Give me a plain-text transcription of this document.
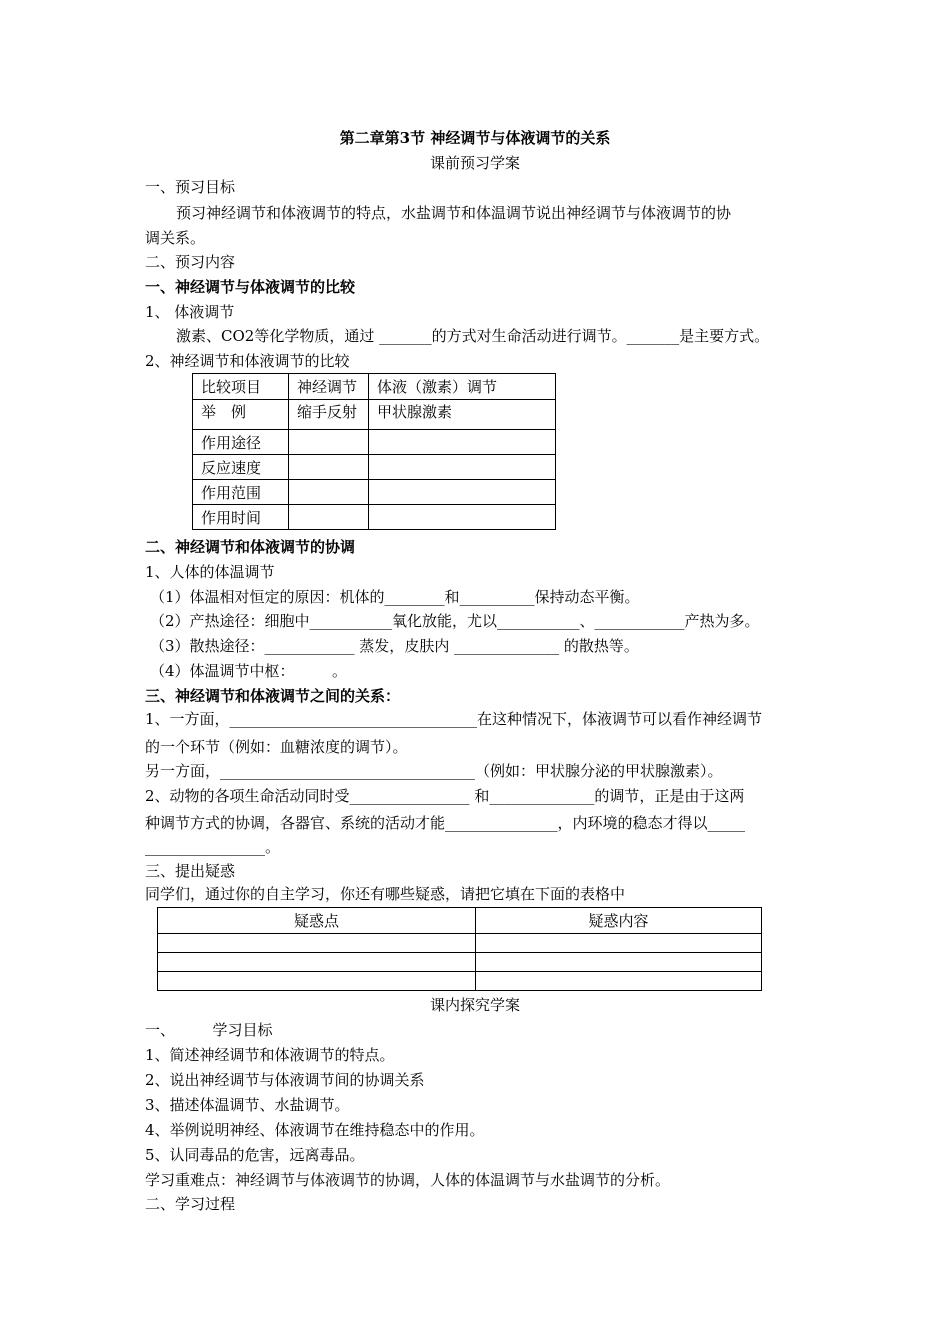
第二章第3节 神经调节与体液调节的关系
课前预习学案
一、预习目标
预习神经调节和体液调节的特点，水盐调节和体温调节说出神经调节与体液调节的协
调关系。
二、预习内容
一、神经调节与体液调节的比较
1、 体液调节
激素、CO2等化学物质，通过 _______的方式对生命活动进行调节。_______是主要方式。
2、神经调节和体液调节的比较
比较项目	神经调节	体液（激素）调节
举　例	缩手反射	甲状腺激素
作用途径		
反应速度		
作用范围		
作用时间		
二、神经调节和体液调节的协调
1、人体的体温调节
（1）体温相对恒定的原因：机体的________和__________保持动态平衡。
（2）产热途径：细胞中___________氧化放能，尤以___________、____________产热为多。
（3）散热途径：____________ 蒸发，皮肤内 ______________ 的散热等。
（4）体温调节中枢：　　　。
三、神经调节和体液调节之间的关系：
1、一方面，_________________________________在这种情况下，体液调节可以看作神经调节
的一个环节（例如：血糖浓度的调节）。
另一方面，__________________________________（例如：甲状腺分泌的甲状腺激素）。
2、动物的各项生命活动同时受________________ 和______________的调节，正是由于这两
种调节方式的协调，各器官、系统的活动才能_______________，内环境的稳态才得以_____
________________。
三、提出疑惑
同学们，通过你的自主学习，你还有哪些疑惑，请把它填在下面的表格中
疑惑点	疑惑内容

课内探究学案
一、　　　学习目标
1、简述神经调节和体液调节的特点。
2、说出神经调节与体液调节间的协调关系
3、描述体温调节、水盐调节。
4、举例说明神经、体液调节在维持稳态中的作用。
5、认同毒品的危害，远离毒品。
学习重难点：神经调节与体液调节的协调，人体的体温调节与水盐调节的分析。
二、学习过程
